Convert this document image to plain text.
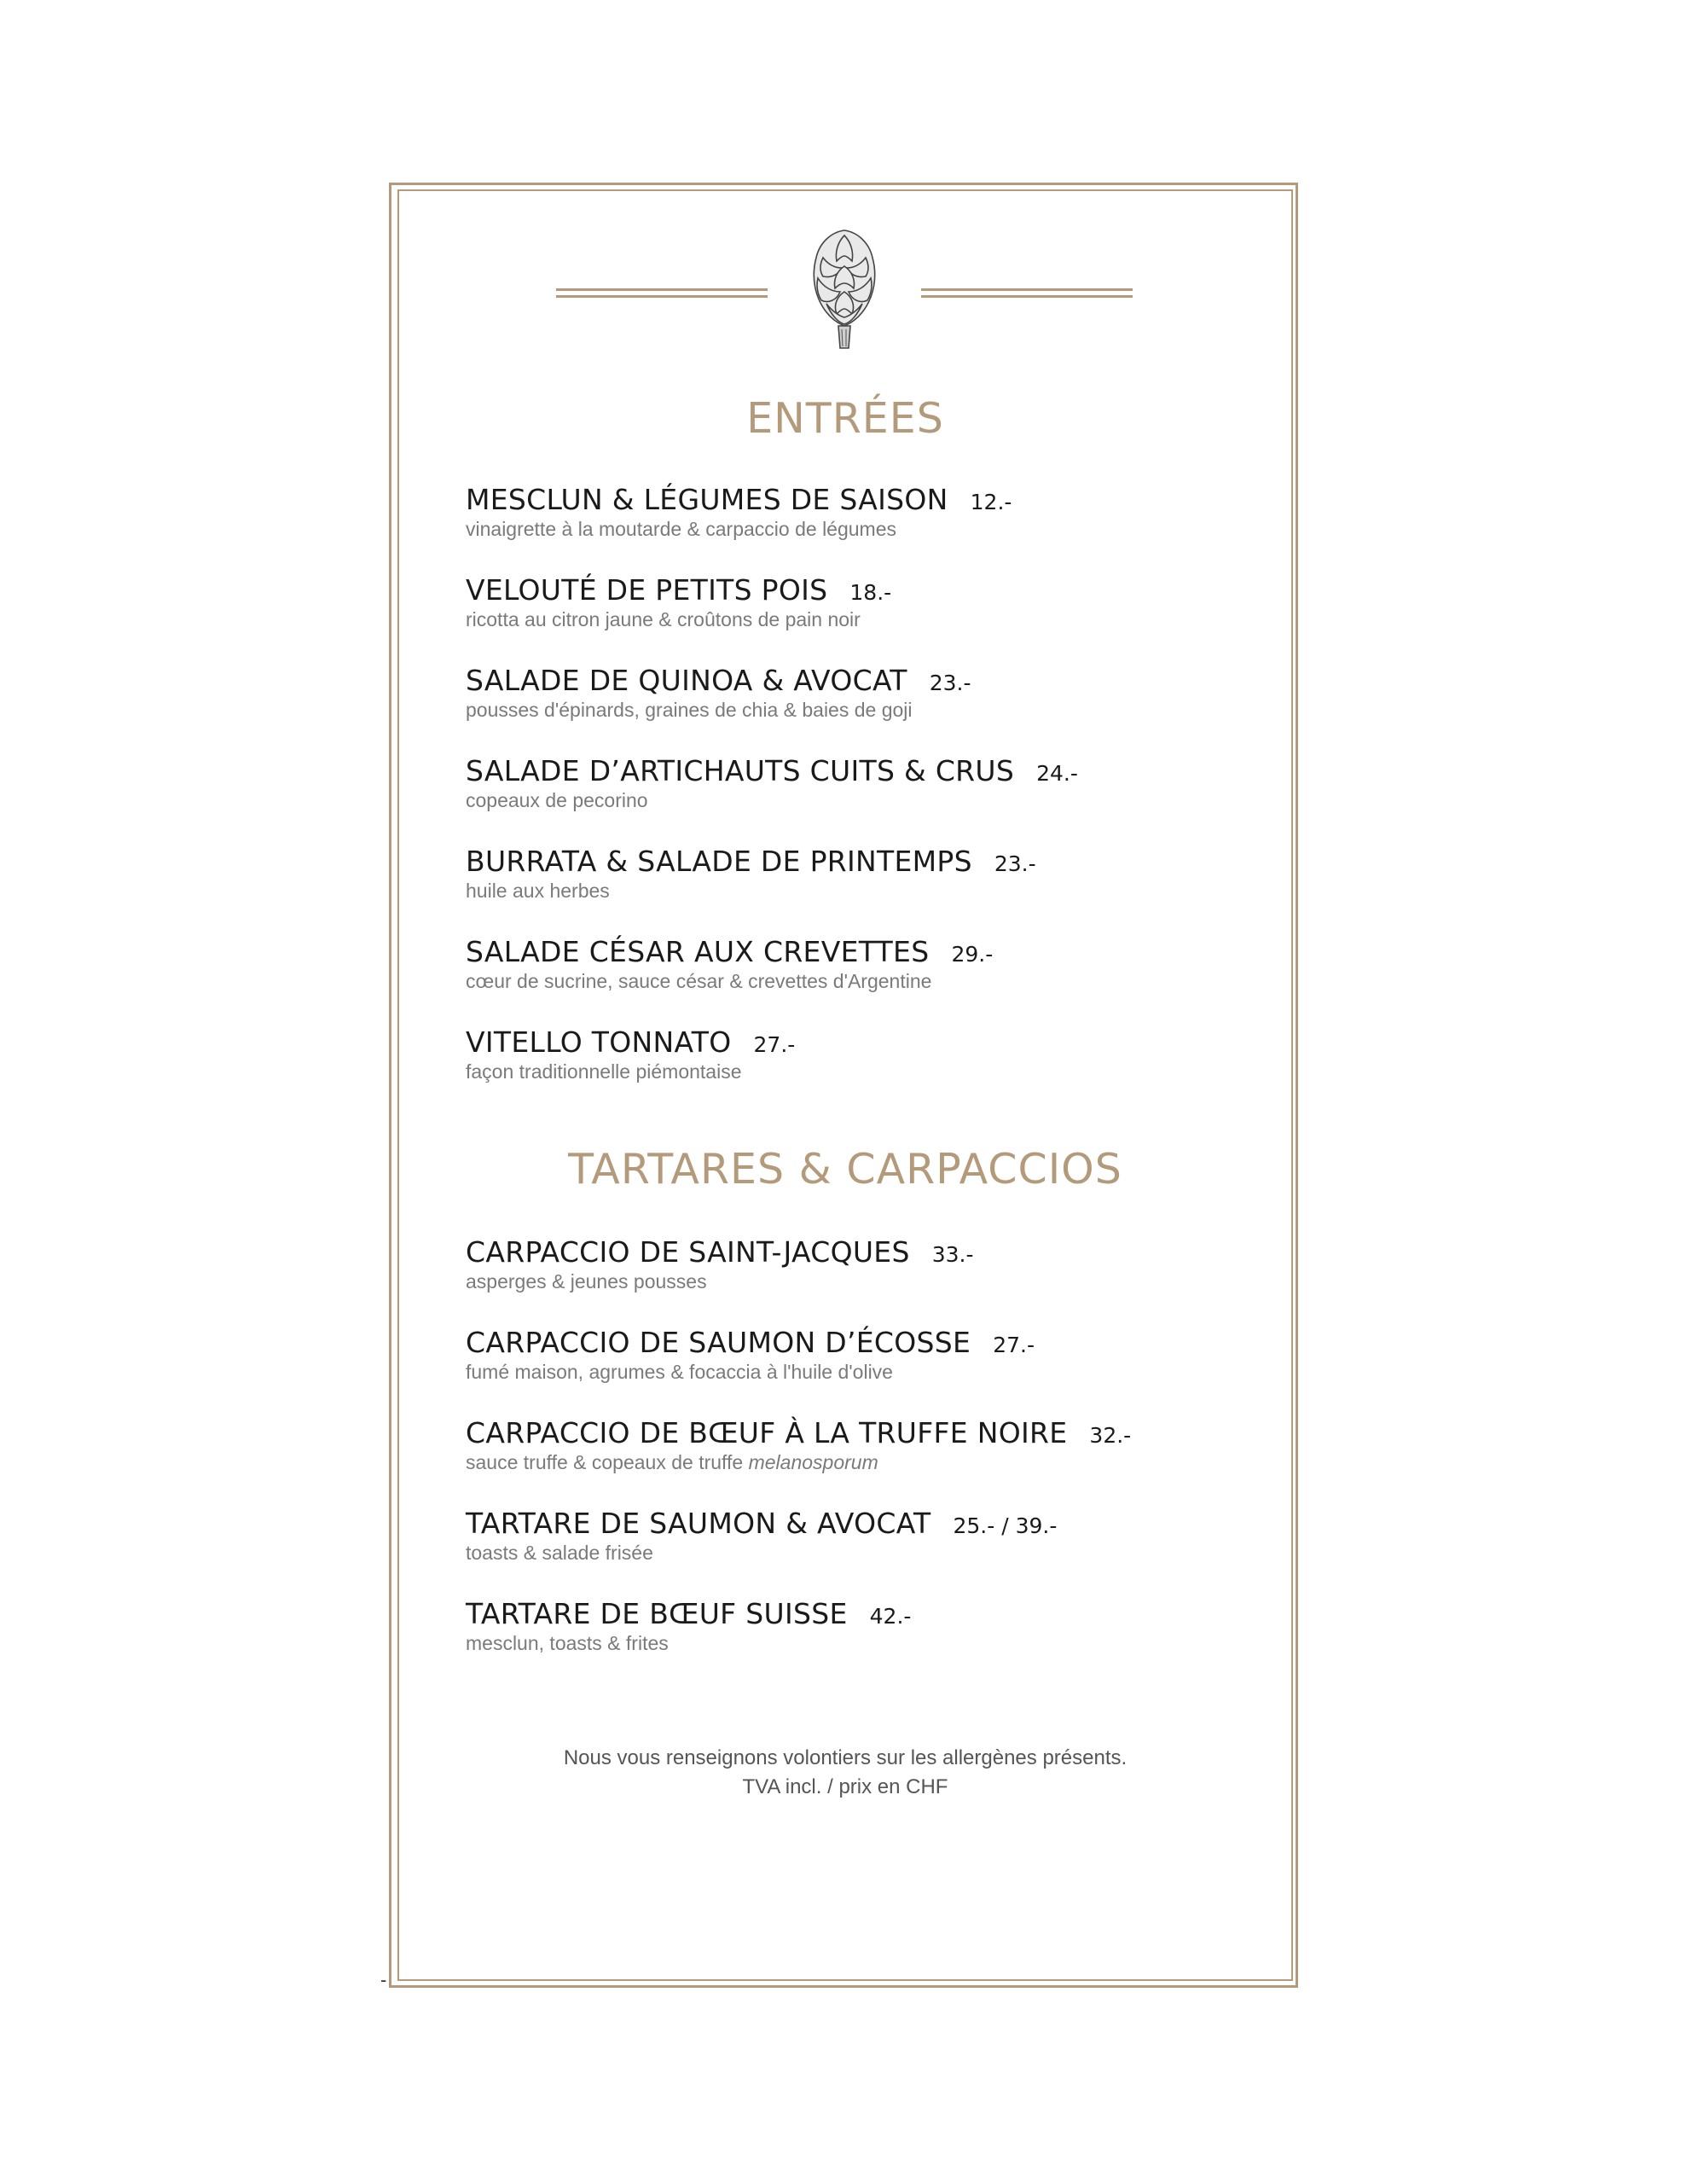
-
ENTRÉES
MESCLUN & LÉGUMES DE SAISON 12.-
vinaigrette à la moutarde & carpaccio de légumes
VELOUTÉ DE PETITS POIS 18.-
ricotta au citron jaune & croûtons de pain noir
SALADE DE QUINOA & AVOCAT 23.-
pousses d'épinards, graines de chia & baies de goji
SALADE D’ARTICHAUTS CUITS & CRUS 24.-
copeaux de pecorino
BURRATA & SALADE DE PRINTEMPS 23.-
huile aux herbes
SALADE CÉSAR AUX CREVETTES 29.-
cœur de sucrine, sauce césar & crevettes d'Argentine
VITELLO TONNATO 27.-
façon traditionnelle piémontaise
TARTARES & CARPACCIOS
CARPACCIO DE SAINT-JACQUES 33.-
asperges & jeunes pousses
CARPACCIO DE SAUMON D’ÉCOSSE 27.-
fumé maison, agrumes & focaccia à l'huile d'olive
CARPACCIO DE BŒUF À LA TRUFFE NOIRE 32.-
sauce truffe & copeaux de truffe melanosporum
TARTARE DE SAUMON & AVOCAT 25.- / 39.-
toasts & salade frisée
TARTARE DE BŒUF SUISSE 42.-
mesclun, toasts & frites
Nous vous renseignons volontiers sur les allergènes présents.
TVA incl. / prix en CHF
